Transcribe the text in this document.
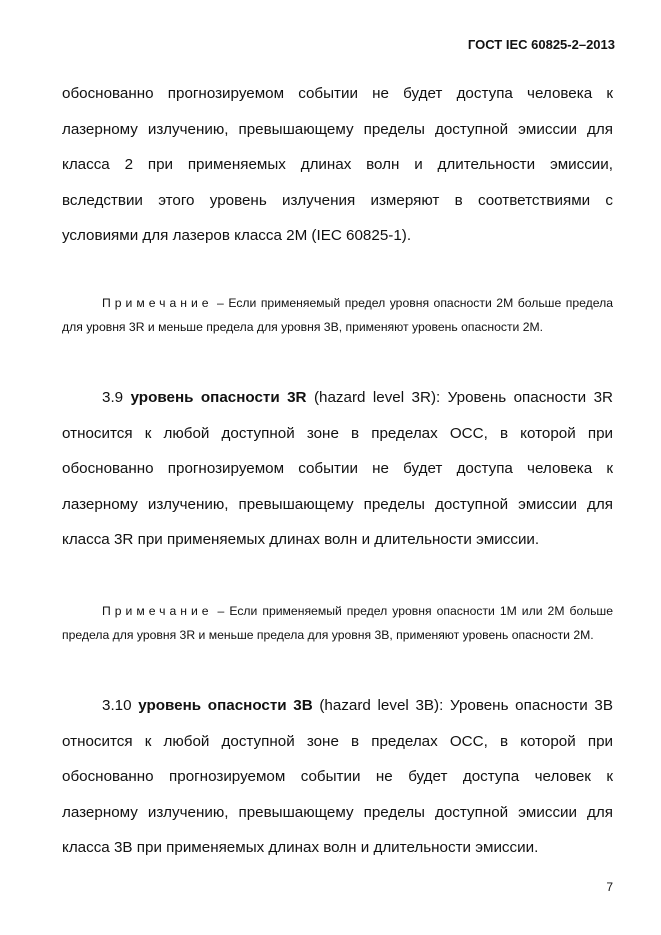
ГОСТ IEC 60825-2–2013

обоснованно прогнозируемом событии не будет доступа человека к лазерному излучению, превышающему пределы доступной эмиссии для класса 2 при применяемых длинах волн и длительности эмиссии, вследствии этого уровень излучения измеряют в соответствиями с условиями для лазеров класса 2М (IEC 60825-1).

Примечание – Если применяемый предел уровня опасности 2М больше предела для уровня 3R и меньше предела для уровня 3В, применяют уровень опасности 2М.

3.9 уровень опасности 3R (hazard level 3R): Уровень опасности 3R относится к любой доступной зоне в пределах ОСС, в которой при обоснованно прогнозируемом событии не будет доступа человека к лазерному излучению, превышающему пределы доступной эмиссии для класса 3R при применяемых длинах волн и длительности эмиссии.

Примечание – Если применяемый предел уровня опасности 1М или 2М больше предела для уровня 3R и меньше предела для уровня 3В, применяют уровень опасности 2М.

3.10 уровень опасности 3В (hazard level 3В): Уровень опасности 3В относится к любой доступной зоне в пределах ОСС, в которой при обоснованно прогнозируемом событии не будет доступа человек к лазерному излучению, превышающему пределы доступной эмиссии для класса 3В при применяемых длинах волн и длительности эмиссии.

7
